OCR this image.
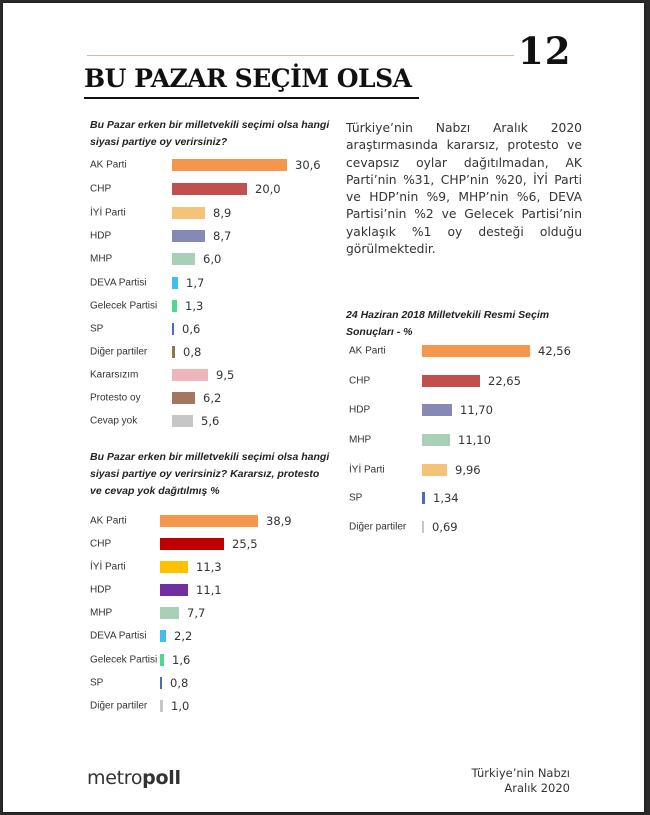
12
BU PAZAR SEÇİM OLSA
Bu Pazar erken bir milletvekili seçimi olsa hangi siyasi partiye oy verirsiniz?
AK Parti	30,6
CHP	20,0
İYİ Parti	8,9
HDP	8,7
MHP	6,0
DEVA Partisi	1,7
Gelecek Partisi 1,3
SP	0,6
Diğer partiler	0,8
Kararsızım	9,5
Protesto oy	6,2
Cevap yok	5,6
Bu Pazar erken bir milletvekili seçimi olsa hangi siyasi partiye oy verirsiniz? Kararsız, protesto ve cevap yok dağıtılmış %
AK Parti	38,9
CHP	25,5
İYİ Parti	11,3
HDP	11,1
MHP	7,7
DEVA Partisi 2,2
Gelecek Partisi 1,6
SP	0,8
Diğer partiler 1,0
Türkiye’nin Nabzı Aralık 2020 araştırmasında kararsız, protesto ve cevapsız oylar dağıtılmadan, AK Parti’nin %31, CHP’nin %20, İYİ Parti ve HDP’nin %9, MHP’nin %6, DEVA Partisi’nin %2 ve Gelecek Partisi’nin yaklaşık %1 oy desteği olduğu görülmektedir.
24 Haziran 2018 Milletvekili Resmi Seçim Sonuçları - %
AK Parti	42,56
CHP	22,65
HDP	11,70
MHP	11,10
İYİ Parti	9,96
SP	1,34
Diğer partiler 0,69
metropoll	Türkiye’nin Nabzı
Aralık 2020
